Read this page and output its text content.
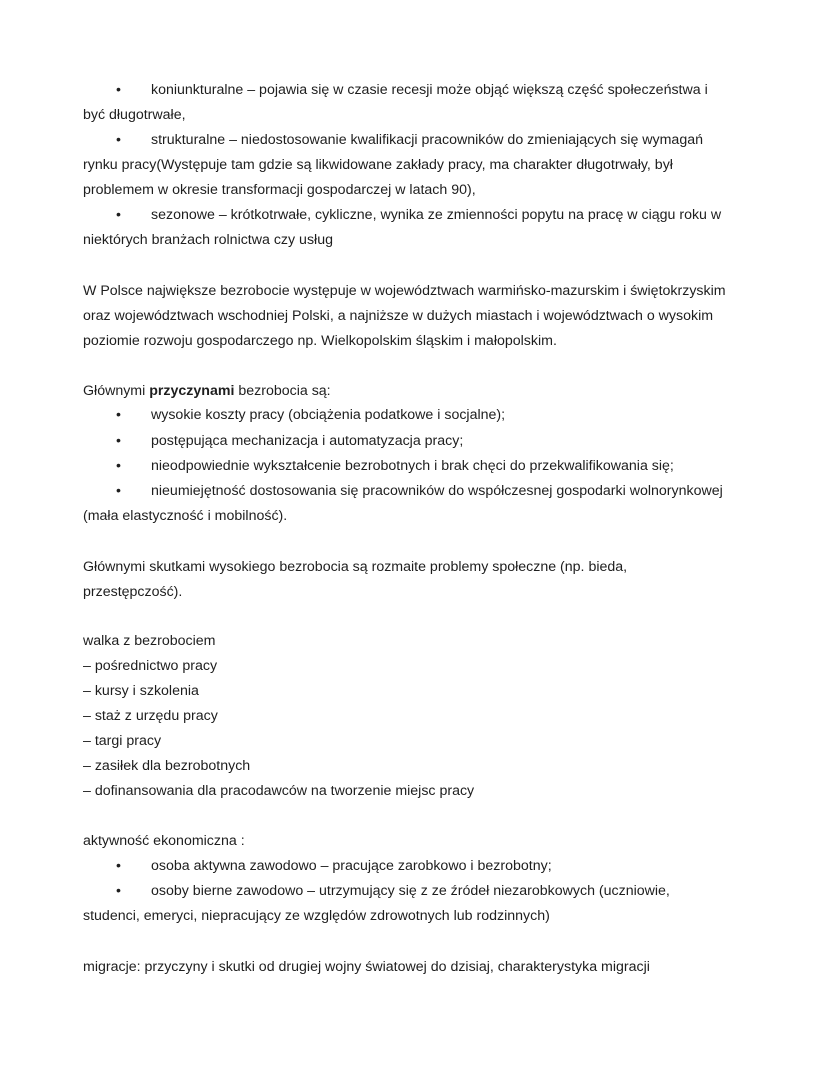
• koniunkturalne – pojawia się w czasie recesji może objąć większą część społeczeństwa i
być długotrwałe,
• strukturalne – niedostosowanie kwalifikacji pracowników do zmieniających się wymagań
rynku pracy(Występuje tam gdzie są likwidowane zakłady pracy, ma charakter długotrwały, był
problemem w okresie transformacji gospodarczej w latach 90),
• sezonowe – krótkotrwałe, cykliczne, wynika ze zmienności popytu na pracę w ciągu roku w
niektórych branżach rolnictwa czy usług
W Polsce największe bezrobocie występuje w województwach warmińsko-mazurskim i świętokrzyskim
oraz województwach wschodniej Polski, a najniższe w dużych miastach i województwach o wysokim
poziomie rozwoju gospodarczego np. Wielkopolskim śląskim i małopolskim.
Głównymi przyczynami bezrobocia są:
• wysokie koszty pracy (obciążenia podatkowe i socjalne);
• postępująca mechanizacja i automatyzacja pracy;
• nieodpowiednie wykształcenie bezrobotnych i brak chęci do przekwalifikowania się;
• nieumiejętność dostosowania się pracowników do współczesnej gospodarki wolnorynkowej
(mała elastyczność i mobilność).
Głównymi skutkami wysokiego bezrobocia są rozmaite problemy społeczne (np. bieda,
przestępczość).
walka z bezrobociem
– pośrednictwo pracy
– kursy i szkolenia
– staż z urzędu pracy
– targi pracy
– zasiłek dla bezrobotnych
– dofinansowania dla pracodawców na tworzenie miejsc pracy
aktywność ekonomiczna :
• osoba aktywna zawodowo – pracujące zarobkowo i bezrobotny;
• osoby bierne zawodowo – utrzymujący się z ze źródeł niezarobkowych (uczniowie,
studenci, emeryci, niepracujący ze względów zdrowotnych lub rodzinnych)
migracje: przyczyny i skutki od drugiej wojny światowej do dzisiaj, charakterystyka migracji
